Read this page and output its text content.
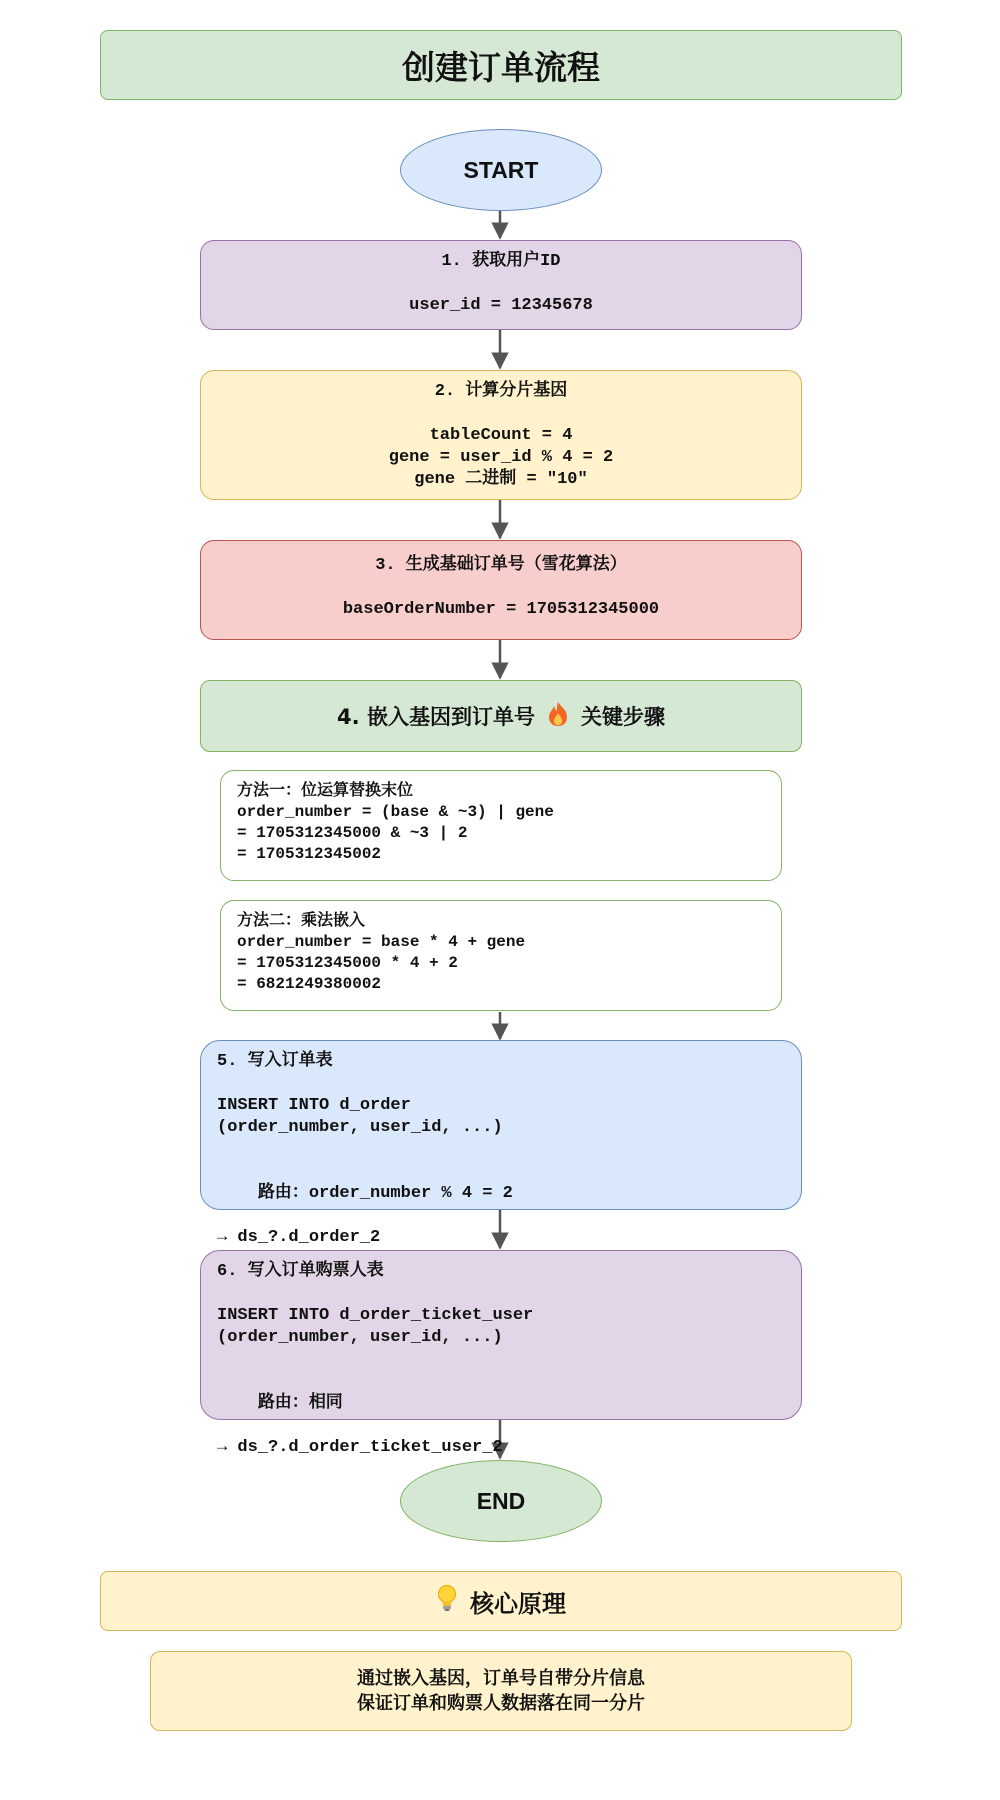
创建订单流程
START
1. 获取用户ID
user_id = 12345678
2. 计算分片基因
tableCount = 4
gene = user_id % 4 = 2
gene 二进制 = "10"
3. 生成基础订单号（雪花算法）
baseOrderNumber = 1705312345000
4. 嵌入基因到订单号 关键步骤
方法一：位运算替换末位
order_number = (base & ~3) | gene
= 1705312345000 & ~3 | 2
= 1705312345002
方法二：乘法嵌入
order_number = base * 4 + gene
= 1705312345000 * 4 + 2
= 6821249380002
5. 写入订单表
INSERT INTO d_order
(order_number, user_id, ...)

路由：order_number % 4 = 2

→ ds_?.d_order_2
6. 写入订单购票人表
INSERT INTO d_order_ticket_user
(order_number, user_id, ...)

路由：相同

→ ds_?.d_order_ticket_user_2
END
核心原理
通过嵌入基因，订单号自带分片信息
保证订单和购票人数据落在同一分片
